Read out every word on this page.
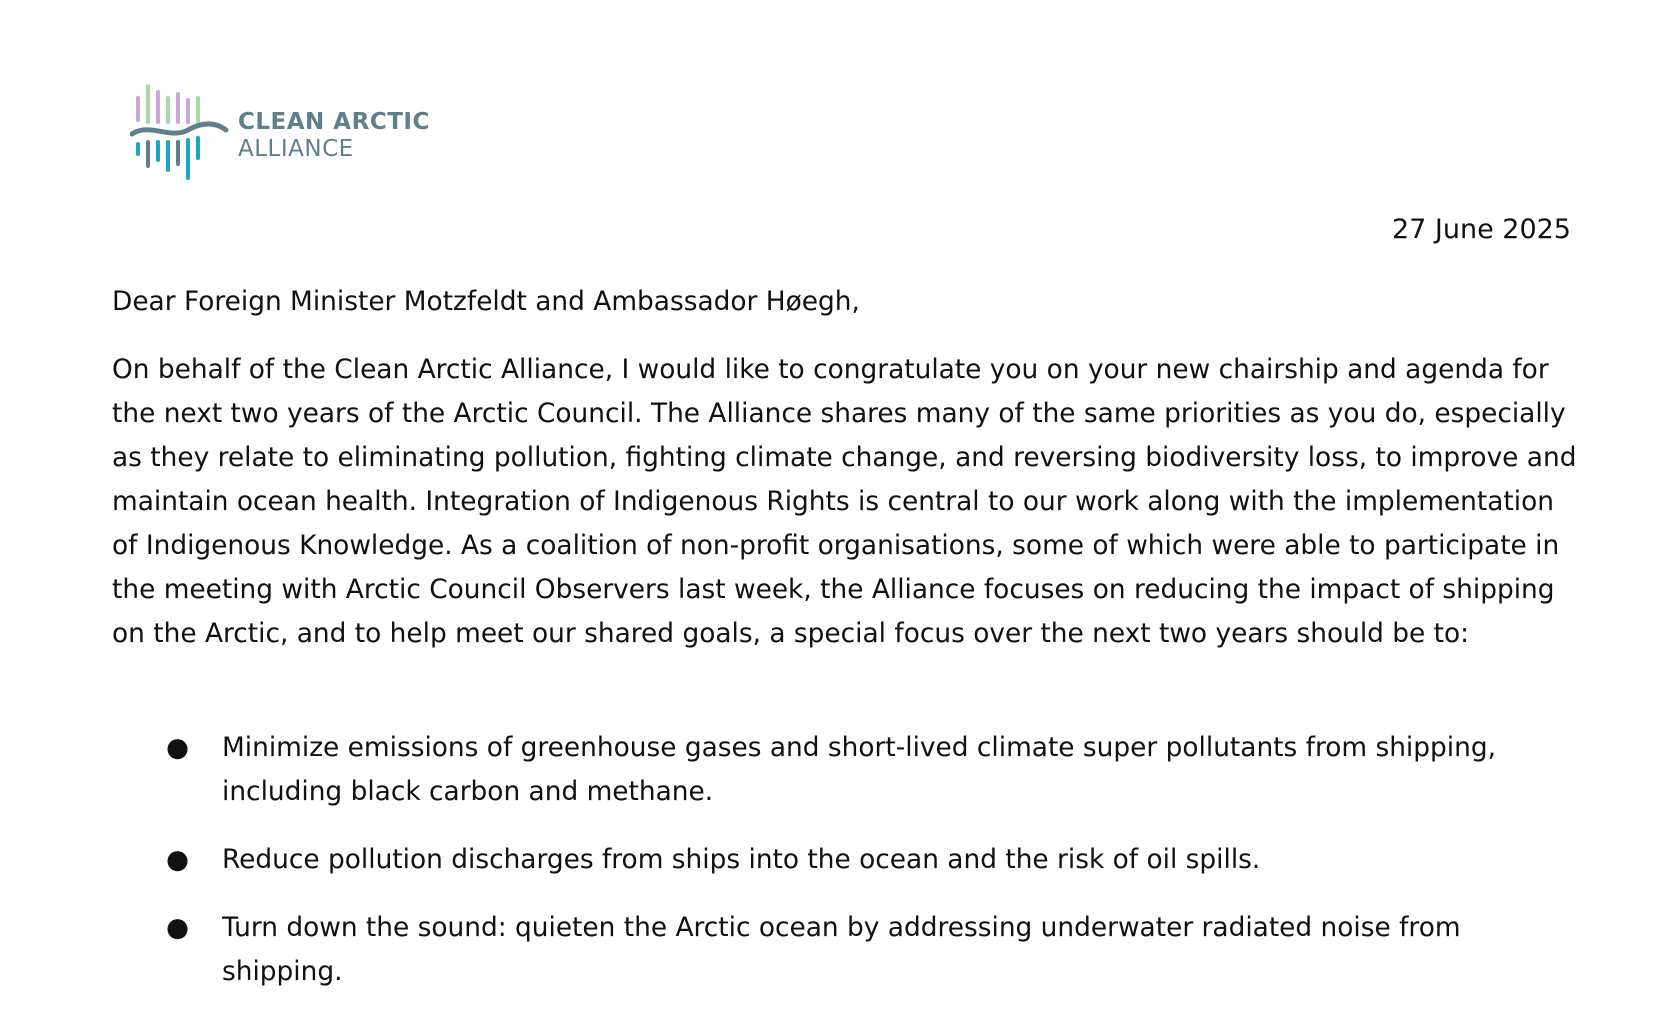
CLEAN ARCTIC
ALLIANCE
27 June 2025

Dear Foreign Minister Motzfeldt and Ambassador Høegh,

On behalf of the Clean Arctic Alliance, I would like to congratulate you on your new chairship and agenda for the next two years of the Arctic Council. The Alliance shares many of the same priorities as you do, especially as they relate to eliminating pollution, fighting climate change, and reversing biodiversity loss, to improve and maintain ocean health. Integration of Indigenous Rights is central to our work along with the implementation of Indigenous Knowledge. As a coalition of non-profit organisations, some of which were able to participate in the meeting with Arctic Council Observers last week, the Alliance focuses on reducing the impact of shipping on the Arctic, and to help meet our shared goals, a special focus over the next two years should be to:

● Minimize emissions of greenhouse gases and short-lived climate super pollutants from shipping, including black carbon and methane.
● Reduce pollution discharges from ships into the ocean and the risk of oil spills.
● Turn down the sound: quieten the Arctic ocean by addressing underwater radiated noise from shipping.
